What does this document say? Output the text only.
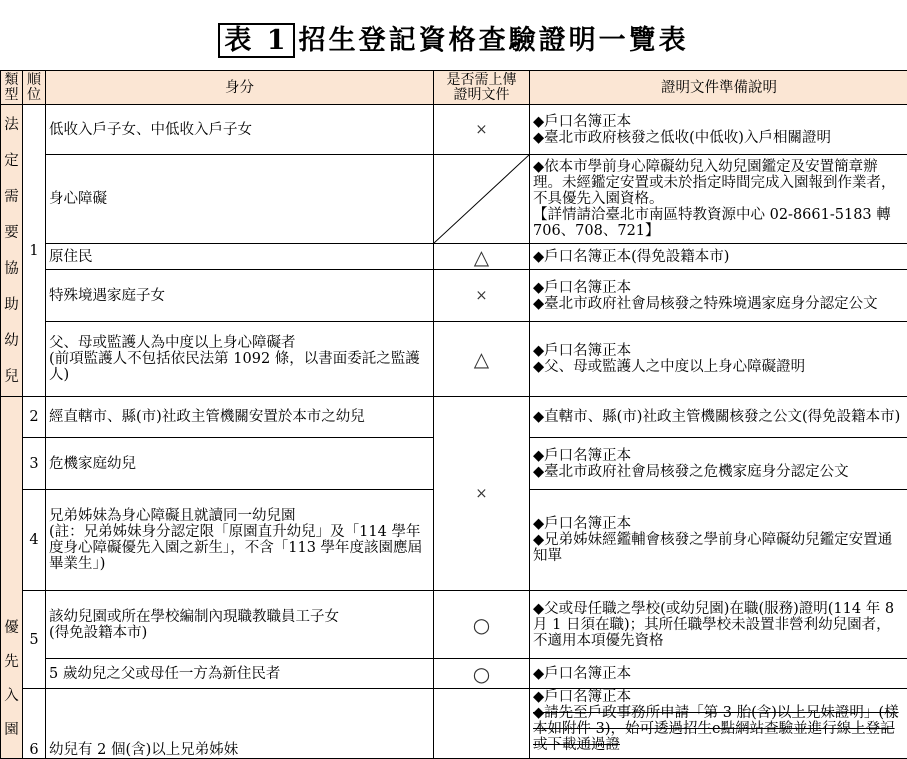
表 1 招生登記資格查驗證明一覽表
類型	順位	身分	是否需上傳證明文件	證明文件準備說明
法定需要協助幼兒	1	低收入戶子女、中低收入戶子女	×	◆戶口名簿正本
◆臺北市政府核發之低收(中低收)入戶相關證明

		身心障礙		◆依本市學前身心障礙幼兒入幼兒園鑑定及安置簡章辦理。未經鑑定安置或未於指定時間完成入園報到作業者，不具優先入園資格。
【詳情請洽臺北市南區特教資源中心 02-8661-5183 轉 706、708、721】

		原住民	△	◆戶口名簿正本(得免設籍本市)

		特殊境遇家庭子女	×	◆戶口名簿正本
◆臺北市政府社會局核發之特殊境遇家庭身分認定公文

		父、母或監護人為中度以上身心障礙者
(前項監護人不包括依民法第 1092 條，以書面委託之監護人)	△	◆戶口名簿正本
◆父、母或監護人之中度以上身心障礙證明

優先入園	2	經直轄市、縣(市)社政主管機關安置於本市之幼兒	×	◆直轄市、縣(市)社政主管機關核發之公文(得免設籍本市)

	3	危機家庭幼兒		◆戶口名簿正本
◆臺北市政府社會局核發之危機家庭身分認定公文

	4	兄弟姊妹為身心障礙且就讀同一幼兒園
(註：兄弟姊妹身分認定限「原園直升幼兒」及「114 學年度身心障礙優先入園之新生」，不含「113 學年度該園應屆畢業生」)		◆戶口名簿正本
◆兄弟姊妹經鑑輔會核發之學前身心障礙幼兒鑑定安置通知單

	5	該幼兒園或所在學校編制內現職教職員工子女
(得免設籍本市)	○	◆父或母任職之學校(或幼兒園)在職(服務)證明(114 年 8 月 1 日須在職)；其所任職學校未設置非營利幼兒園者，不適用本項優先資格

		5 歲幼兒之父或母任一方為新住民者	○	◆戶口名簿正本

	6	幼兒有 2 個(含)以上兄弟姊妹		◆戶口名簿正本
◆請先至戶政事務所申請「第 3 胎(含)以上兄妹證明」(樣本如附件 3)，始可透過招生e點網站查驗並進行線上登記或下載通過證
